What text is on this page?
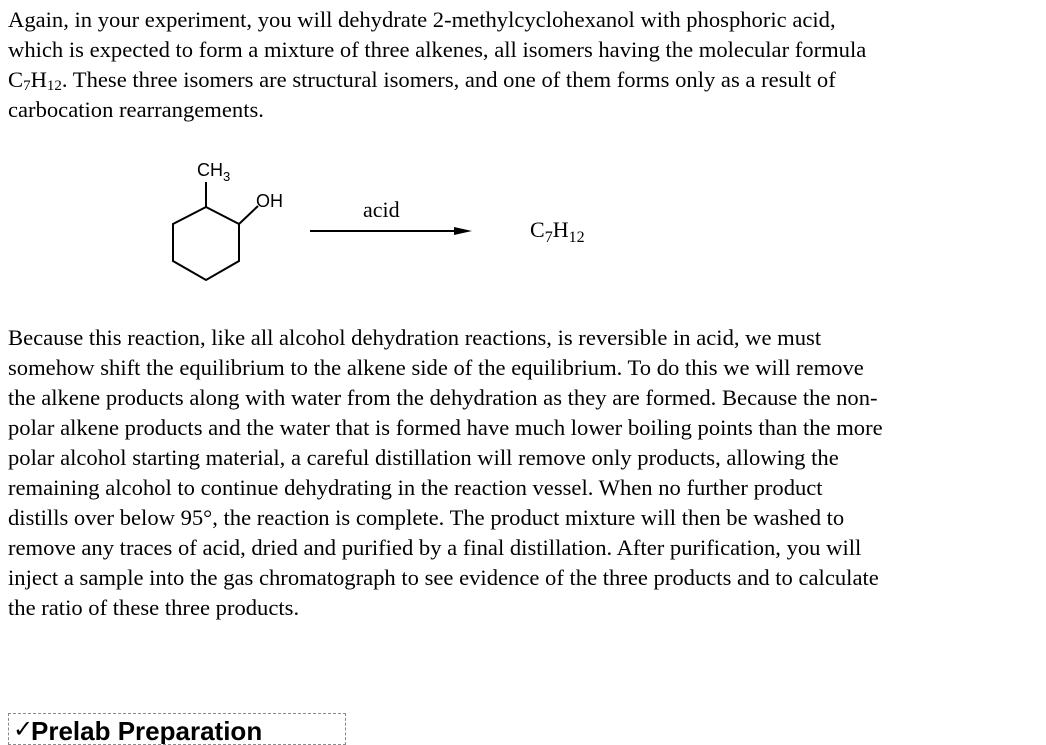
Again, in your experiment, you will dehydrate 2-methylcyclohexanol with phosphoric acid,
which is expected to form a mixture of three alkenes, all isomers having the molecular formula
$C_7H_{12}$. These three isomers are structural isomers, and one of them forms only as a result of
carbocation rearrangements.

$CH_3$
OH	acid
$C_7H_{12}$

Because this reaction, like all alcohol dehydration reactions, is reversible in acid, we must
somehow shift the equilibrium to the alkene side of the equilibrium. To do this we will remove
the alkene products along with water from the dehydration as they are formed. Because the non-
polar alkene products and the water that is formed have much lower boiling points than the more
polar alcohol starting material, a careful distillation will remove only products, allowing the
remaining alcohol to continue dehydrating in the reaction vessel. When no further product
distills over below 95°, the reaction is complete. The product mixture will then be washed to
remove any traces of acid, dried and purified by a final distillation. After purification, you will
inject a sample into the gas chromatograph to see evidence of the three products and to calculate
the ratio of these three products.

✓
Prelab Preparation
